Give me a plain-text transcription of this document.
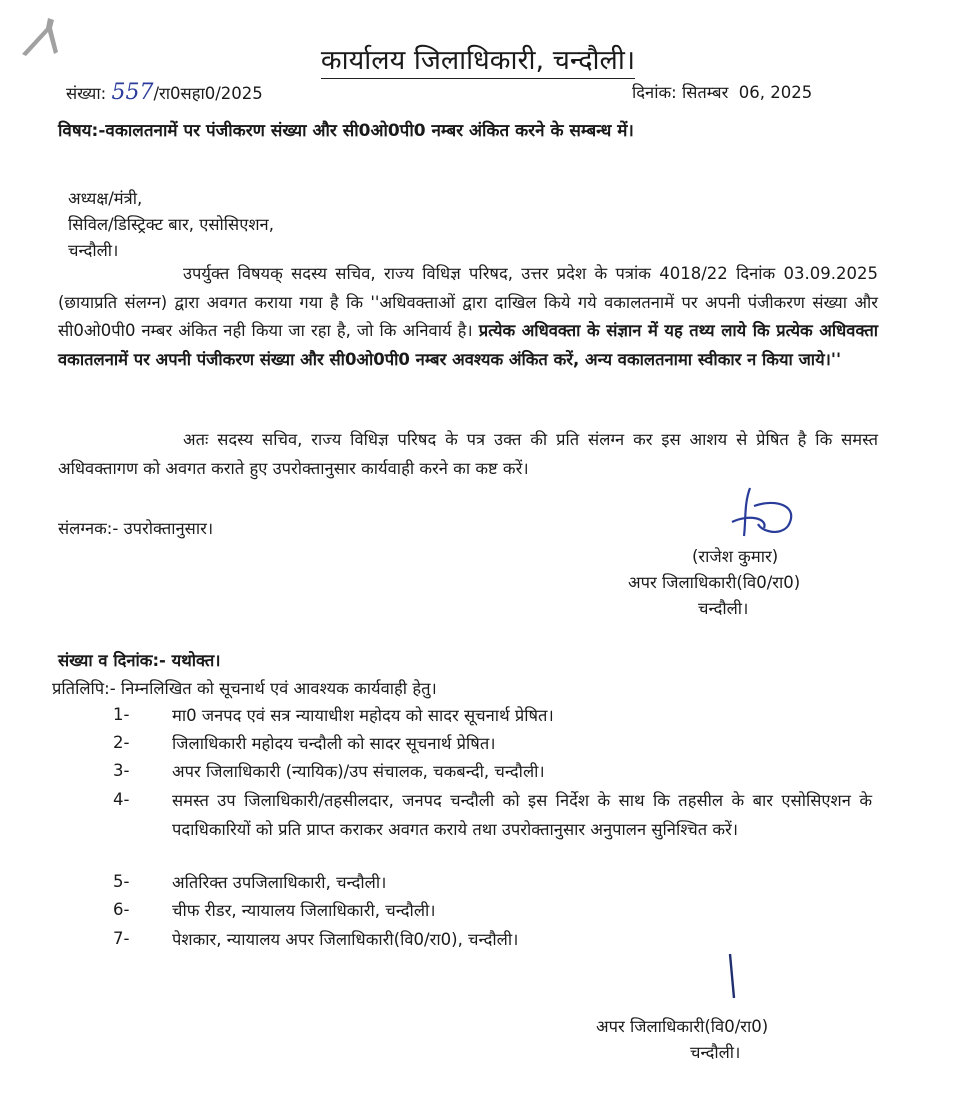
कार्यालय जिलाधिकारी, चन्दौली।
संख्या: 557/रा0सहा0/2025	दिनांक: सितम्बर  06, 2025
विषय:-वकालतनामें पर पंजीकरण संख्या और सी0ओ0पी0 नम्बर अंकित करने के सम्बन्ध में।
अध्यक्ष/मंत्री,
सिविल/डिस्ट्रिक्ट बार, एसोसिएशन,
चन्दौली।
उपर्युक्त विषयक् सदस्य सचिव, राज्य विधिज्ञ परिषद, उत्तर प्रदेश के पत्रांक 4018/22 दिनांक 03.09.2025 (छायाप्रति संलग्न) द्वारा अवगत कराया गया है कि ''अधिवक्ताओं द्वारा दाखिल किये गये वकालतनामें पर अपनी पंजीकरण संख्या और सी0ओ0पी0 नम्बर अंकित नही किया जा रहा है, जो कि अनिवार्य है। प्रत्येक अधिवक्ता के संज्ञान में यह तथ्य लाये कि प्रत्येक अधिवक्ता वकातलनामें पर अपनी पंजीकरण संख्या और सी0ओ0पी0 नम्बर अवश्यक अंकित करें, अन्य वकालतनामा स्वीकार न किया जाये।''
अतः सदस्य सचिव, राज्य विधिज्ञ परिषद के पत्र उक्त की प्रति संलग्न कर इस आशय से प्रेषित है कि समस्त अधिवक्तागण को अवगत कराते हुए उपरोक्तानुसार कार्यवाही करने का कष्ट करें।
संलग्नक:- उपरोक्तानुसार।
(राजेश कुमार)
अपर जिलाधिकारी(वि0/रा0)
चन्दौली।
संख्या व दिनांक:- यथोक्त।
प्रतिलिपि:- निम्नलिखित को सूचनार्थ एवं आवश्यक कार्यवाही हेतु।
1-	मा0 जनपद एवं सत्र न्यायाधीश महोदय को सादर सूचनार्थ प्रेषित।
2-	जिलाधिकारी महोदय चन्दौली को सादर सूचनार्थ प्रेषित।
3-	अपर जिलाधिकारी (न्यायिक)/उप संचालक, चकबन्दी, चन्दौली।
4-	समस्त उप जिलाधिकारी/तहसीलदार, जनपद चन्दौली को इस निर्देश के साथ कि तहसील के बार एसोसिएशन के पदाधिकारियों को प्रति प्राप्त कराकर अवगत कराये तथा उपरोक्तानुसार अनुपालन सुनिश्चित करें।
5-	अतिरिक्त उपजिलाधिकारी, चन्दौली।
6-	चीफ रीडर, न्यायालय जिलाधिकारी, चन्दौली।
7-	पेशकार, न्यायालय अपर जिलाधिकारी(वि0/रा0), चन्दौली।
अपर जिलाधिकारी(वि0/रा0)
चन्दौली।
